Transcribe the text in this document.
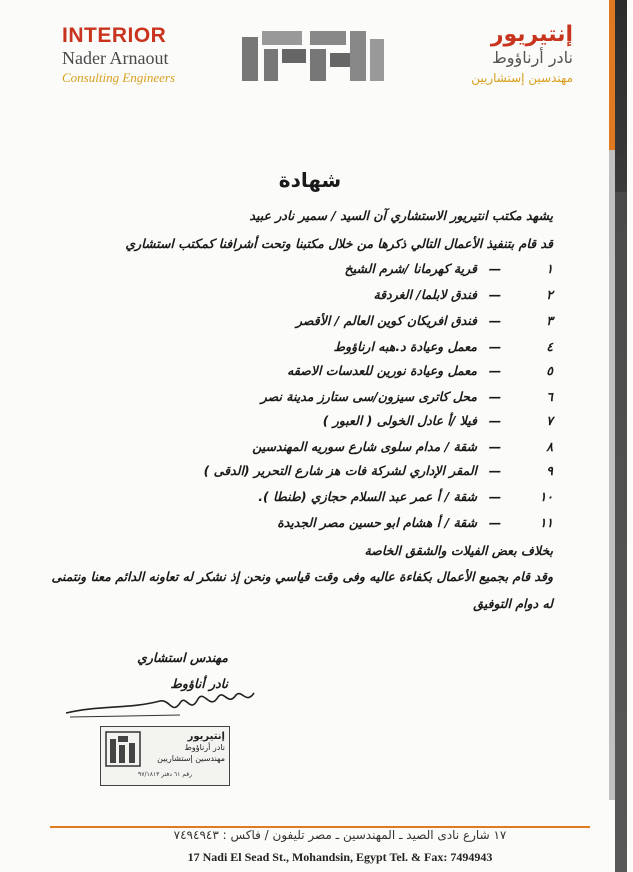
INTERIOR

Nader Arnaout

Consulting Engineers

إنتيريور

نادر أرناؤوط

مهندسين إستشاريين

شهادة
يشهد مكتب انتيريور الاستشاري آن السيد / سمير نادر عبيد
قد قام بتنفيذ الأعمال التالي ذكرها من خلال مكتبنا وتحت أشرافنا كمكتب استشاري
١—قرية كهرمانا /شرم الشيخ
٢—فندق لابلما/ الغردقة
٣—فندق افريكان كوين العالم / الأقصر
٤—معمل وعيادة د.هبه ارناؤوط
٥—معمل وعيادة نورين للعدسات الاصقه
٦—محل كاترى سيزون/سى ستارز مدينة نصر
٧—فيلا /أ عادل الخولى ( العبور )
٨—شقة / مدام سلوى شارع سوريه المهندسين
٩—المقر الإداري لشركة فات هز شارع التحرير (الدقى )
١٠—شقة / أ عمر عبد السلام حجازي (طنطا ).
١١—شقة / أ هشام ابو حسين مصر الجديدة
بخلاف بعض الفيلات والشقق الخاصة
وقد قام بجميع الأعمال بكفاءة عاليه وفى وقت قياسي ونحن إذ نشكر له تعاونه الدائم معنا ونتمنى
له دوام التوفيق
مهندس استشاري
نادر أناؤوط
إنتيريور
نادر أرناؤوط
مهندسين إستشاريين
رقم ٦١ دفتر ٩٧/١٨١٣
١٧ شارع نادى الصيد ـ المهندسين ـ مصر تليفون / فاكس : ٧٤٩٤٩٤٣
17 Nadi El Sead St., Mohandsin, Egypt Tel. & Fax: 7494943
